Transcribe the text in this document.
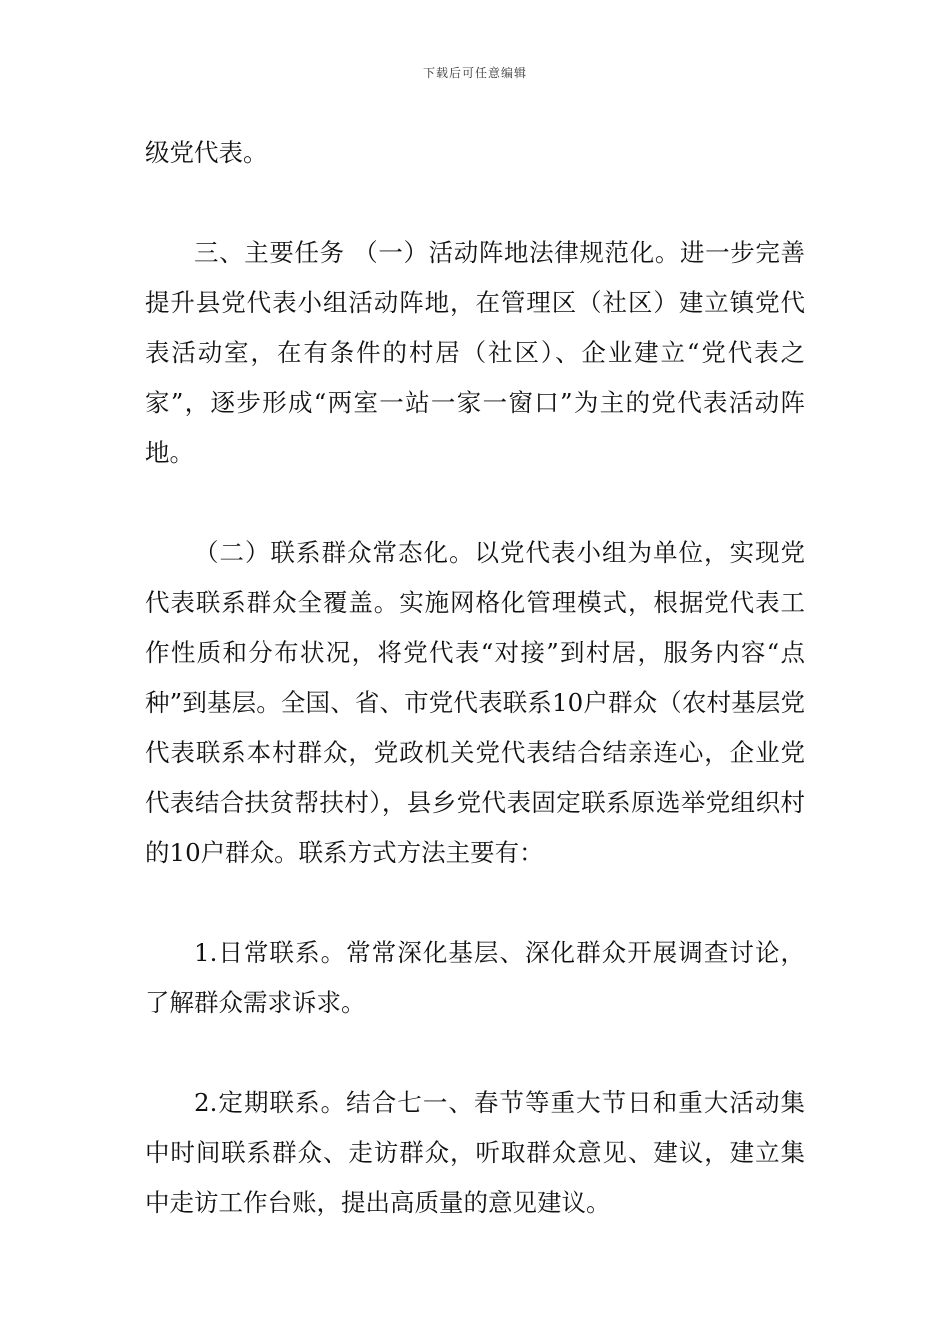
下载后可任意编辑

级党代表。

三、主要任务 （一）活动阵地法律规范化。进一步完善提升县党代表小组活动阵地，在管理区（社区）建立镇党代表活动室，在有条件的村居（社区）、企业建立“党代表之家”，逐步形成“两室一站一家一窗口”为主的党代表活动阵地。

（二）联系群众常态化。以党代表小组为单位，实现党代表联系群众全覆盖。实施网格化管理模式，根据党代表工作性质和分布状况，将党代表“对接”到村居，服务内容“点种”到基层。全国、省、市党代表联系10户群众（农村基层党代表联系本村群众，党政机关党代表结合结亲连心，企业党代表结合扶贫帮扶村），县乡党代表固定联系原选举党组织村的10户群众。联系方式方法主要有：

1.日常联系。常常深化基层、深化群众开展调查讨论，了解群众需求诉求。

2.定期联系。结合七一、春节等重大节日和重大活动集中时间联系群众、走访群众，听取群众意见、建议，建立集中走访工作台账，提出高质量的意见建议。
